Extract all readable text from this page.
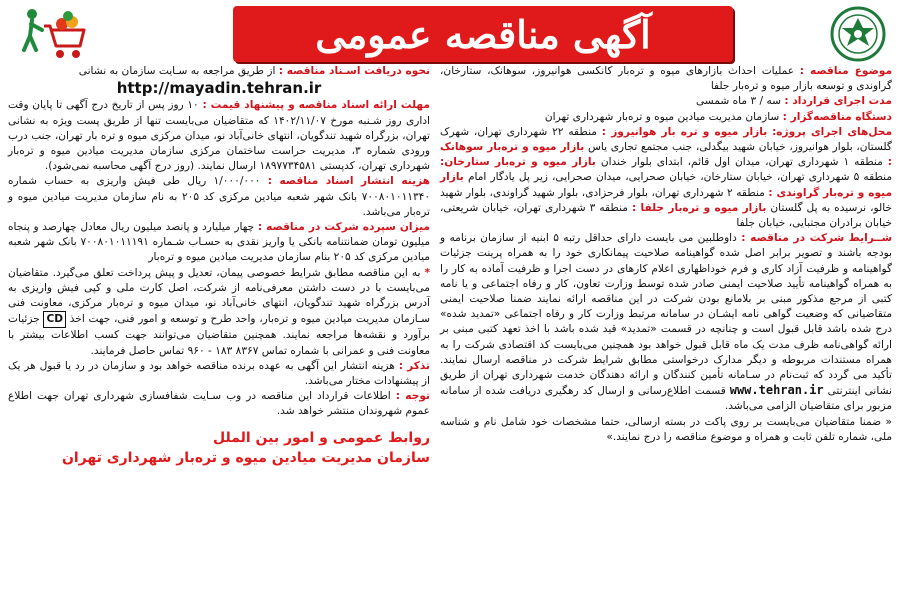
آگهی مناقصه عمومی

موضوع مناقصه : عملیات احداث بازارهای میوه و تره‌بار کانکسی هوانیروز، سوهانک، ستارخان، گراوندی و توسعه بازار میوه و تره‌بار جلفا

مدت اجرای قرارداد : سه / ۳ ماه شمسی

دستگاه مناقصه‌گزار : سازمان مدیریت میادین میوه و تره‌بار شهرداری تهران

محل‌های اجرای پروژه: بازار میوه و تره بار هوانیروز : منطقه ۲۲ شهرداری تهران، شهرک گلستان، بلوار هوانیروز، خیابان شهید بیگدلی، جنب مجتمع تجاری یاس بازار میوه و تره‌بار سوهانک : منطقه ۱ شهرداری تهران، میدان اول قائم، ابتدای بلوار خندان بازار میوه و تره‌بار ستارخان: منطقه ۵ شهرداری تهران، خیابان ستارخان، خیابان صحرایی، میدان صحرایی، زیر پل یادگار امام بازار میوه و تره‌بار گراوندی : منطقه ۲ شهرداری تهران، بلوار فرحزادی، بلوار شهید گراوندی، بلوار شهید خالو، نرسیده به پل گلستان بازار میوه و تره‌بار جلفا : منطقه ۳ شهرداری تهران، خیابان شریعتی، خیابان برادران مجتبایی، خیابان جلفا

شــرایط شرکت در مناقصه : داوطلبین می بایست دارای حداقل رتبه ۵ ابنیه از سازمان برنامه و بودجه باشند و تصویر برابر اصل شده گواهینامه صلاحیت پیمانکاری خود را به همراه پرینت جزئیات گواهینامه و ظرفیت آزاد کاری و فرم خوداظهاری اعلام کارهای در دست اجرا و ظرفیت آماده به کار را به همراه گواهینامه تأیید صلاحیت ایمنی صادر شده توسط وزارت تعاون، کار و رفاه اجتماعی و یا نامه کتبی از مرجع مذکور مبنی بر بلامانع بودن شرکت در این مناقصه ارائه نمایند ضمنا صلاحیت ایمنی متقاضیانی که وضعیت گواهی نامه ایشـان در سامانه مرتبط وزارت کار و رفاه اجتماعی «تمدید شده» درج شده باشد قابل قبول است و چنانچه در قسمت «تمدید» قید شده باشد با اخذ تعهد کتبی مبنی بر ارائه گواهی‌نامه ظرف مدت یک ماه قابل قبول خواهد بود همچنین می‌بایست کد اقتصادی شرکت را به همراه مستندات مربوطه و دیگر مدارک درخواستی مطابق شرایط شرکت در مناقصه ارسال نمایند. تأکید می گردد که ثبت‌نام در سـامانه تأمین کنندگان و ارائه دهندگان خدمت شهرداری تهران از طریق نشانی اینترنتی www.tehran.ir قسمت اطلاع‌رسانی و ارسال کد رهگیری دریافت شده از سامانه مزبور برای متقاضیان الزامی می‌باشد.

« ضمنا متقاضیان می‌بایست بر روی پاکت در بسته ارسالی، حتما مشخصات خود شامل نام و شناسه ملی، شماره تلفن ثابت و همراه و موضوع مناقصه را درج نمایند.»

نحوه دریافت اسـناد مناقصه : از طریق مراجعه به سـایت سازمان به نشانی
http://mayadin.tehran.ir

مهلت ارائه اسناد مناقصه و پیشنهاد قیمت : ۱۰ روز پس از تاریخ درج آگهی تا پایان وقت اداری روز شـنبه مورخ ۱۴۰۲/۱۱/۰۷ که متقاضیان می‌بایست تنها از طریق پست ویژه به نشانی تهران، بزرگراه شهید تندگویان، انتهای خانی‌آباد نو، میدان مرکزی میوه و تره بار تهران، جنب درب ورودی شماره ۳، مدیریت حراست ساختمان مرکزی سازمان مدیریت میادین میوه و تره‌بار شهرداری تهران، کدپستی ۱۸۹۷۷۳۴۵۸۱ ارسال نمایند. (روز درج آگهی محاسبه نمی‌شود).

هزینه انتشار اسناد مناقصه : ۱/۰۰۰/۰۰۰ ریال طی فیش واریزی به حساب شماره ۷۰۰۸۰۱۰۱۱۳۴۰ بانک شهر شعبه میادین مرکزی کد ۲۰۵ به نام سازمان مدیریت میادین میوه و تره‌بار می‌باشد.

میزان سپرده شرکت در مناقصه : چهار میلیارد و پانصد میلیون ریال معادل چهارصد و پنجاه میلیون تومان ضمانتنامه بانکی یا واریز نقدی به حسـاب شـماره ۷۰۰۸۰۱۰۱۱۱۹۱ بانک شهر شعبه میادین مرکزی کد ۲۰۵ بنام سازمان مدیریت میادین میوه و تره‌بار

* به این مناقصه مطابق شرایط خصوصی پیمان، تعدیل و پیش پرداخت تعلق می‌گیرد. متقاضیان می‌بایست با در دست داشتن معرفی‌نامه از شرکت، اصل کارت ملی و کپی فیش واریزی به آدرس بزرگراه شهید تندگویان، انتهای خانی‌آباد نو، میدان میوه و تره‌بار مرکزی، معاونت فنی سـازمان مدیریت میادین میوه و تره‌بار، واحد طرح و توسعه و امور فنی، جهت اخذ CD جزئیات برآورد و نقشه‌ها مراجعه نمایند. همچنین متقاضیان می‌توانند جهت کسب اطلاعات بیشتر با معاونت فنی و عمرانی با شماره تماس ۸۳۶۷ ۱۸۳ - ۹۶۰ تماس حاصل فرمایند.

تذکر : هزینه انتشار این آگهی به عهده برنده مناقصه خواهد بود و سازمان در رد یا قبول هر یک از پیشنهادات مختار می‌باشد.

توجه : اطلاعات قرارداد این مناقصه در وب سـایت شفافسازی شهرداری تهران جهت اطلاع عموم شهروندان منتشر خواهد شد.

روابط عمومی و امور بین الملل
سازمان مدیریت میادین میوه و تره‌بار شهرداری تهران
